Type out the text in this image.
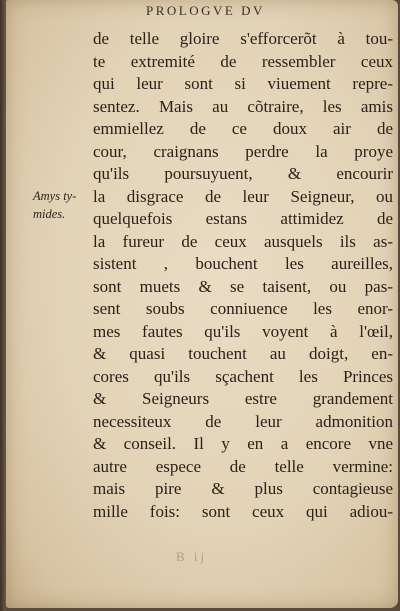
PROLOGVE DV
Amys ty-
mides.
de telle gloire s'efforcerõt à tou-
te extremité de ressembler ceux
qui leur sont si viuement repre-
sentez. Mais au cõtraire, les amis
emmiellez de ce doux air de
cour, craignans perdre la proye
qu'ils poursuyuent, & encourir
la disgrace de leur Seigneur, ou
quelquefois estans attimidez de
la fureur de ceux ausquels ils as-
sistent , bouchent les aureilles,
sont muets & se taisent, ou pas-
sent soubs conniuence les enor-
mes fautes qu'ils voyent à l'œil,
& quasi touchent au doigt, en-
cores qu'ils sçachent les Princes
& Seigneurs estre grandement
necessiteux de leur admonition
& conseil. Il y en a encore vne
autre espece de telle vermine:
mais pire & plus contagieuse
mille fois: sont ceux qui adiou-
B ij
